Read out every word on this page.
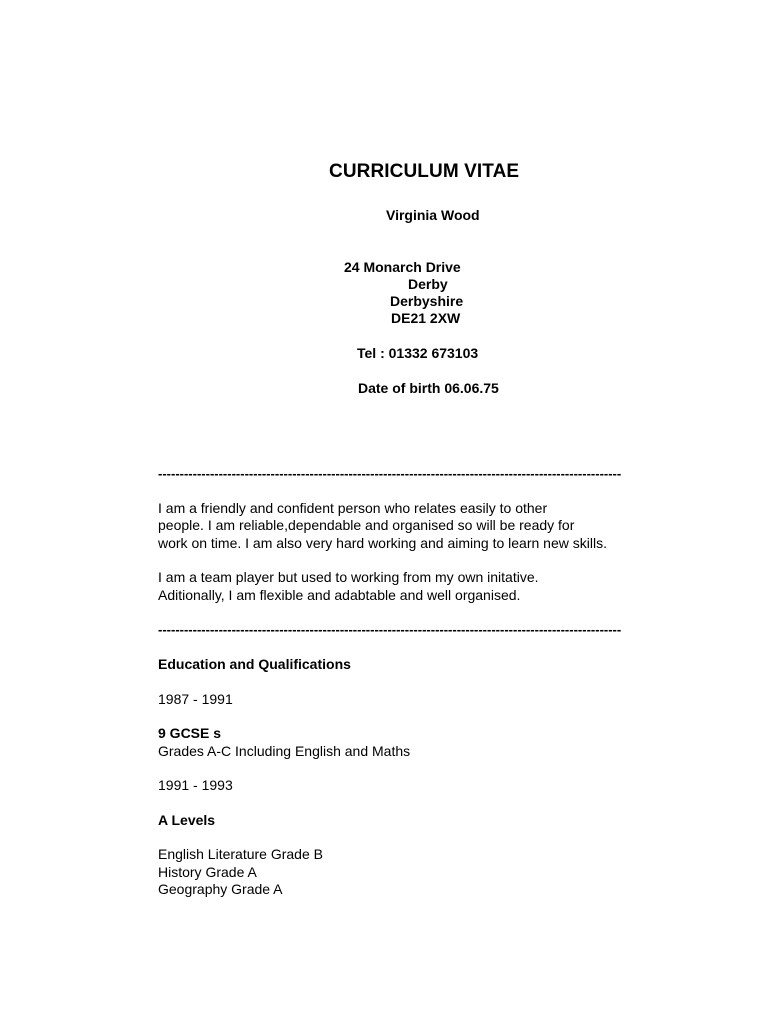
CURRICULUM VITAE
Virginia Wood
24 Monarch Drive
Derby
Derbyshire
DE21 2XW
Tel : 01332 673103
Date of birth 06.06.75
-----------------------------------------------------------------------------------------------------------
I am a friendly and confident person who relates easily to other
people. I am reliable,dependable and organised so will be ready for
work on time. I am also very hard working and aiming to learn new skills.
I am a team player but used to working from my own initative.
Aditionally, I am flexible and adabtable and well organised.
-----------------------------------------------------------------------------------------------------------
Education and Qualifications
1987 - 1991
9 GCSE s
Grades A-C Including English and Maths
1991 - 1993
A Levels
English Literature Grade B
History Grade A
Geography Grade A
